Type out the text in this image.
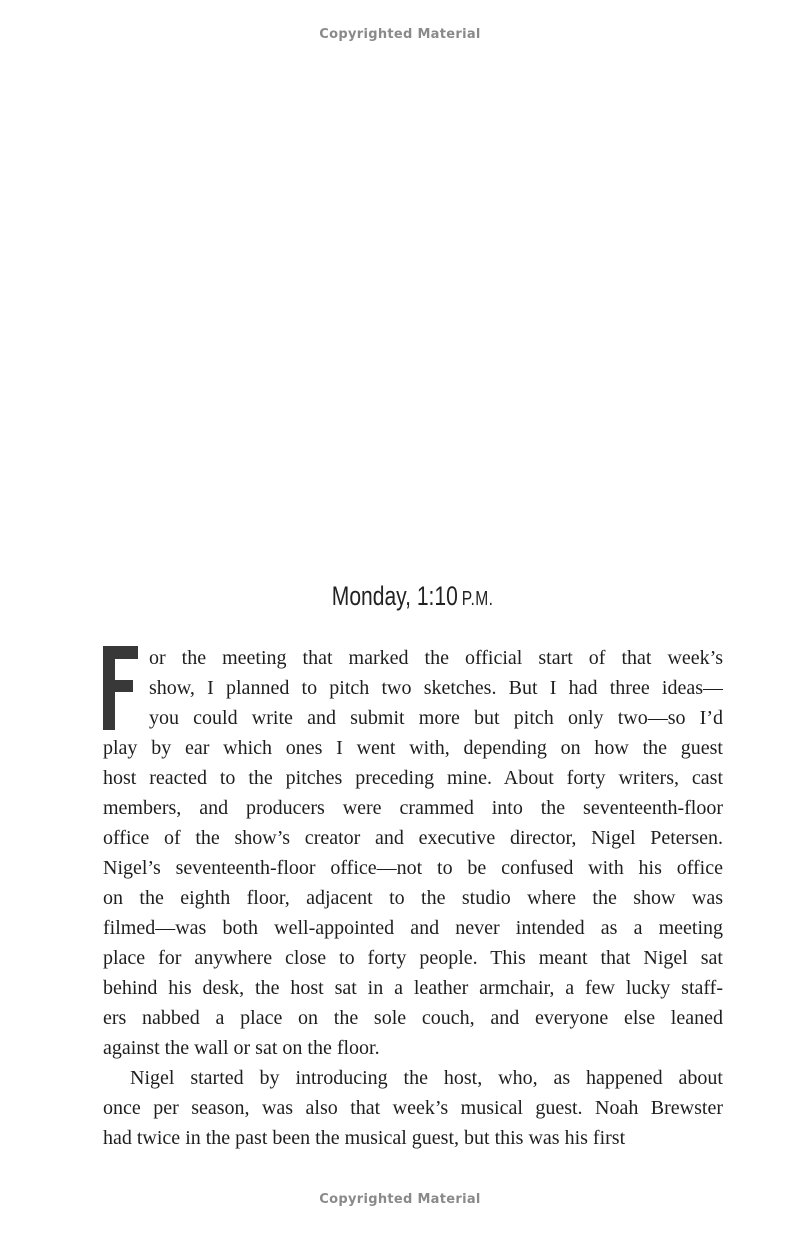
Copyrighted Material
Monday, 1:10 P.M.
or the meeting that marked the official start of that week’s
show, I planned to pitch two sketches. But I had three ideas—
you could write and submit more but pitch only two—so I’d
play by ear which ones I went with, depending on how the guest
host reacted to the pitches preceding mine. About forty writers, cast
members, and producers were crammed into the seventeenth-floor
office of the show’s creator and executive director, Nigel Petersen.
Nigel’s seventeenth-floor office—not to be confused with his office
on the eighth floor, adjacent to the studio where the show was
filmed—was both well-appointed and never intended as a meeting
place for anywhere close to forty people. This meant that Nigel sat
behind his desk, the host sat in a leather armchair, a few lucky staff-
ers nabbed a place on the sole couch, and everyone else leaned
against the wall or sat on the floor.
Nigel started by introducing the host, who, as happened about
once per season, was also that week’s musical guest. Noah Brewster
had twice in the past been the musical guest, but this was his first
Copyrighted Material
